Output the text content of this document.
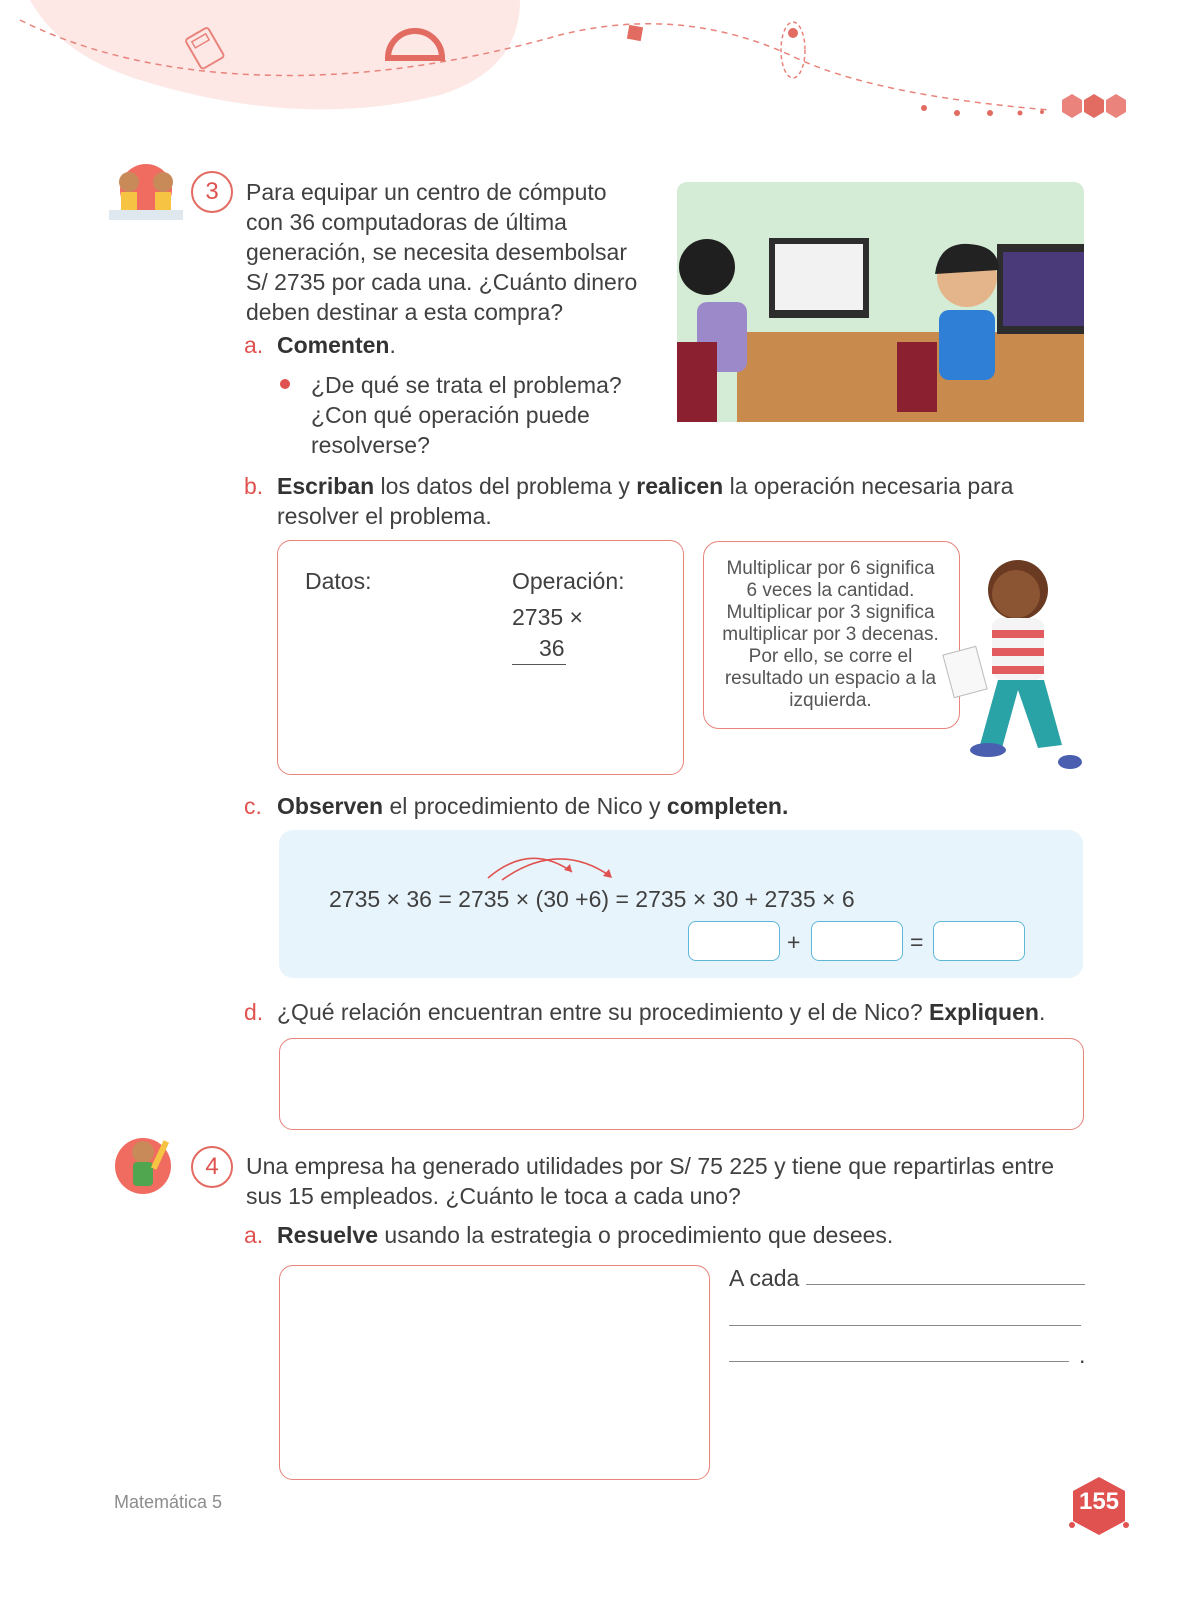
3	Para equipar un centro de cómputo
con 36 computadoras de última
generación, se necesita desembolsar
S/ 2735 por cada una. ¿Cuánto dinero
deben destinar a esta compra?
a. Comenten.
¿De qué se trata el problema?
¿Con qué operación puede
resolverse?
b. Escriban los datos del problema y realicen la operación necesaria para
resolver el problema.
Datos:	Operación:
2735 ×
36
Multiplicar por 6 significa
6 veces la cantidad.
Multiplicar por 3 significa
multiplicar por 3 decenas.
Por ello, se corre el
resultado un espacio a la
izquierda.
c. Observen el procedimiento de Nico y completen.
2735 × 36 = 2735 × (30 +6) = 2735 × 30 + 2735 × 6
+	=
d. ¿Qué relación encuentran entre su procedimiento y el de Nico? Expliquen.
4	Una empresa ha generado utilidades por S/ 75 225 y tiene que repartirlas entre
sus 15 empleados. ¿Cuánto le toca a cada uno?
a. Resuelve usando la estrategia o procedimiento que desees.
A cada
.
Matemática 5	155
